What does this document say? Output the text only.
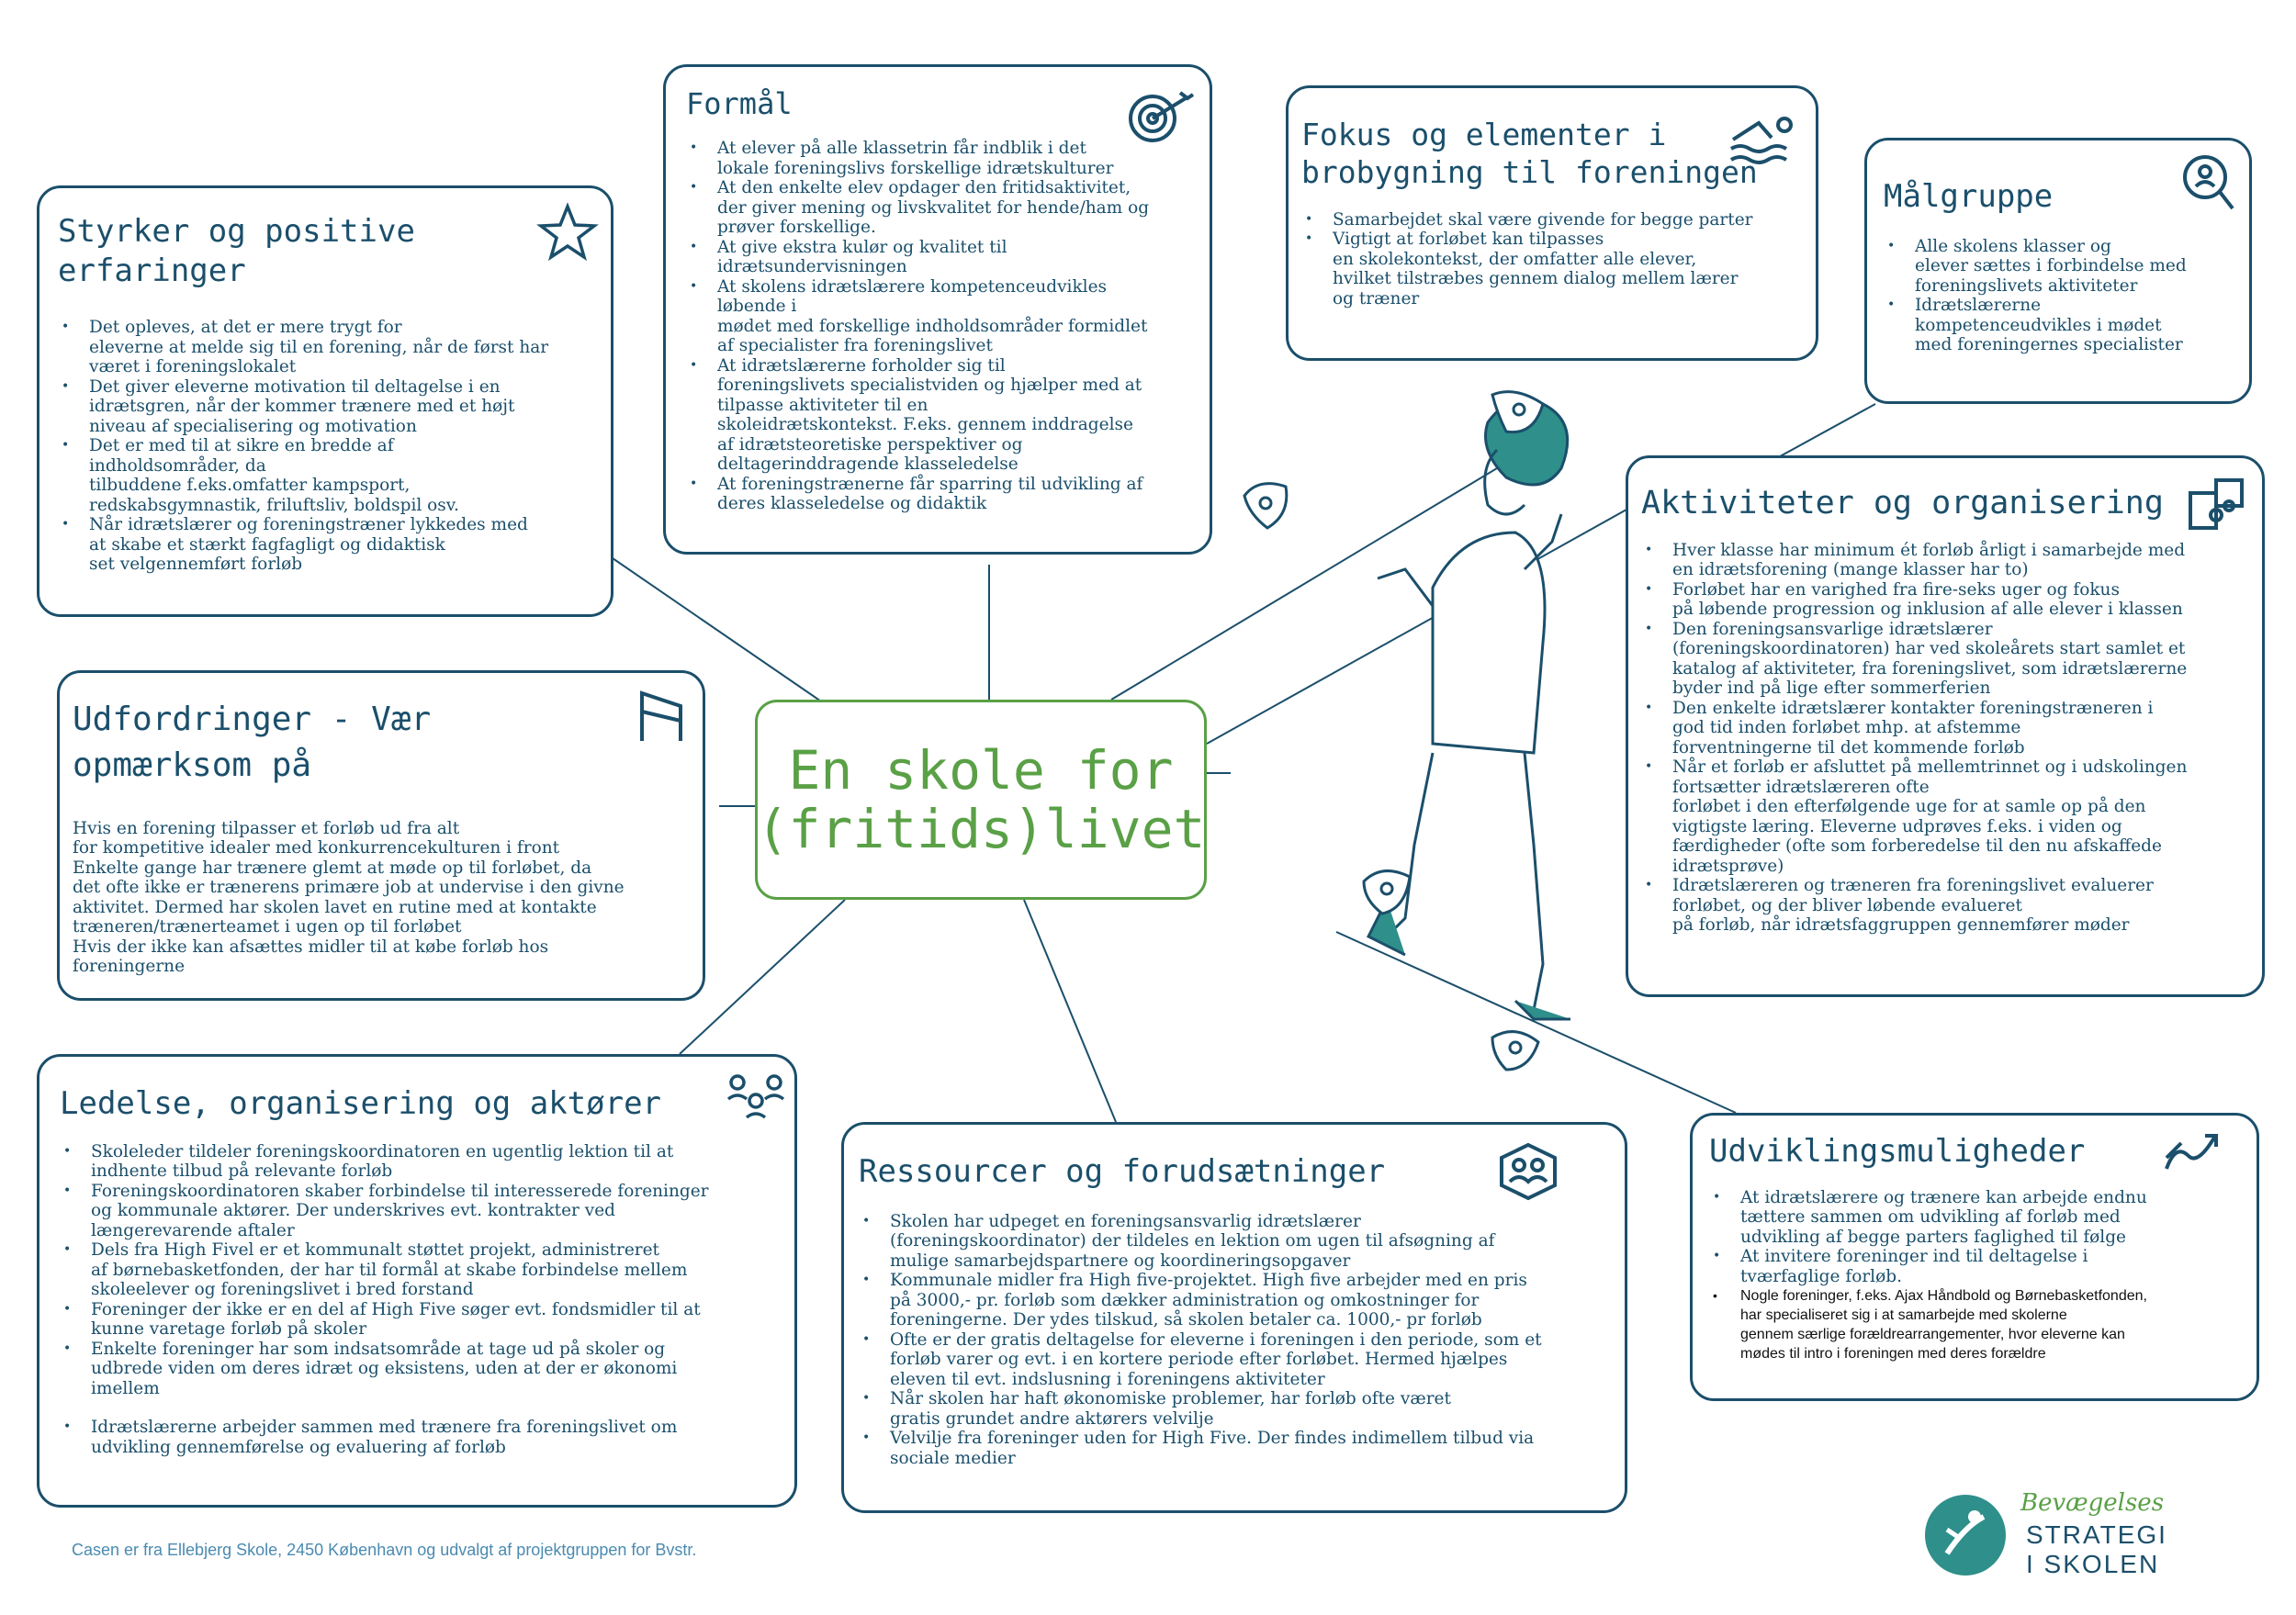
Formål
• At elever på alle klassetrin får indblik i det
lokale foreningslivs forskellige idrætskulturer
• At den enkelte elev opdager den fritidsaktivitet,
der giver mening og livskvalitet for hende/ham og
prøver forskellige.
• At give ekstra kulør og kvalitet til
idrætsundervisningen
• At skolens idrætslærere kompetenceudvikles
løbende i
mødet med forskellige indholdsområder formidlet
af specialister fra foreningslivet
• At idrætslærerne forholder sig til
foreningslivets specialistviden og hjælper med at
tilpasse aktiviteter til en
skoleidrætskontekst. F.eks. gennem inddragelse
af idrætsteoretiske perspektiver og
deltagerinddragende klasseledelse
• At foreningstrænerne får sparring til udvikling af
deres klasseledelse og didaktik
Fokus og elementer i
brobygning til foreningen
• Samarbejdet skal være givende for begge parter
• Vigtigt at forløbet kan tilpasses
en skolekontekst, der omfatter alle elever,
hvilket tilstræbes gennem dialog mellem lærer
og træner
Målgruppe
• Alle skolens klasser og
elever sættes i forbindelse med
foreningslivets aktiviteter
• Idrætslærerne
kompetenceudvikles i mødet
med foreningernes specialister
Styrker og positive
erfaringer
• Det opleves, at det er mere trygt for
eleverne at melde sig til en forening, når de først har
været i foreningslokalet
• Det giver eleverne motivation til deltagelse i en
idrætsgren, når der kommer trænere med et højt
niveau af specialisering og motivation
• Det er med til at sikre en bredde af
indholdsområder, da
tilbuddene f.eks.omfatter kampsport,
redskabsgymnastik, friluftsliv, boldspil osv.
• Når idrætslærer og foreningstræner lykkedes med
at skabe et stærkt fagfagligt og didaktisk
set velgennemført forløb
Udfordringer - Vær
opmærksom på

Hvis en forening tilpasser et forløb ud fra alt
for kompetitive idealer med konkurrencekulturen i front
Enkelte gange har trænere glemt at møde op til forløbet, da
det ofte ikke er trænerens primære job at undervise i den givne
aktivitet. Dermed har skolen lavet en rutine med at kontakte
træneren/trænerteamet i ugen op til forløbet
Hvis der ikke kan afsættes midler til at købe forløb hos
foreningerne

En skole for
(fritids)livet
Aktiviteter og organisering
• Hver klasse har minimum ét forløb årligt i samarbejde med
en idrætsforening (mange klasser har to)
• Forløbet har en varighed fra fire-seks uger og fokus
på løbende progression og inklusion af alle elever i klassen
• Den foreningsansvarlige idrætslærer
(foreningskoordinatoren) har ved skoleårets start samlet et
katalog af aktiviteter, fra foreningslivet, som idrætslærerne
byder ind på lige efter sommerferien
• Den enkelte idrætslærer kontakter foreningstræneren i
god tid inden forløbet mhp. at afstemme
forventningerne til det kommende forløb
• Når et forløb er afsluttet på mellemtrinnet og i udskolingen
fortsætter idrætslæreren ofte
forløbet i den efterfølgende uge for at samle op på den
vigtigste læring. Eleverne udprøves f.eks. i viden og
færdigheder (ofte som forberedelse til den nu afskaffede
idrætsprøve)
• Idrætslæreren og træneren fra foreningslivet evaluerer
forløbet, og der bliver løbende evalueret
på forløb, når idrætsfaggruppen gennemfører møder
Ledelse, organisering og aktører
• Skoleleder tildeler foreningskoordinatoren en ugentlig lektion til at
indhente tilbud på relevante forløb
• Foreningskoordinatoren skaber forbindelse til interesserede foreninger
og kommunale aktører. Der underskrives evt. kontrakter ved
længerevarende aftaler
• Dels fra High Fivel er et kommunalt støttet projekt, administreret
af børnebasketfonden, der har til formål at skabe forbindelse mellem
skoleelever og foreningslivet i bred forstand
• Foreninger der ikke er en del af High Five søger evt. fondsmidler til at
kunne varetage forløb på skoler
• Enkelte foreninger har som indsatsområde at tage ud på skoler og
udbrede viden om deres idræt og eksistens, uden at der er økonomi
imellem
• Idrætslærerne arbejder sammen med trænere fra foreningslivet om
udvikling gennemførelse og evaluering af forløb
Ressourcer og forudsætninger
• Skolen har udpeget en foreningsansvarlig idrætslærer
(foreningskoordinator) der tildeles en lektion om ugen til afsøgning af
mulige samarbejdspartnere og koordineringsopgaver
• Kommunale midler fra High five-projektet. High five arbejder med en pris
på 3000,- pr. forløb som dækker administration og omkostninger for
foreningerne. Der ydes tilskud, så skolen betaler ca. 1000,- pr forløb
• Ofte er der gratis deltagelse for eleverne i foreningen i den periode, som et
forløb varer og evt. i en kortere periode efter forløbet. Hermed hjælpes
eleven til evt. indslusning i foreningens aktiviteter
• Når skolen har haft økonomiske problemer, har forløb ofte været
gratis grundet andre aktørers velvilje
• Velvilje fra foreninger uden for High Five. Der findes indimellem tilbud via
sociale medier
Udviklingsmuligheder
• At idrætslærere og trænere kan arbejde endnu
tættere sammen om udvikling af forløb med
udvikling af begge parters faglighed til følge
• At invitere foreninger ind til deltagelse i
tværfaglige forløb.
• Nogle foreninger, f.eks. Ajax Håndbold og Børnebasketfonden,
har specialiseret sig i at samarbejde med skolerne
gennem særlige forældrearrangementer, hvor eleverne kan
mødes til intro i foreningen med deres forældre
Casen er fra Ellebjerg Skole, 2450 København og udvalgt af projektgruppen for Bvstr.
Bevægelses
STRATEGI
I SKOLEN
